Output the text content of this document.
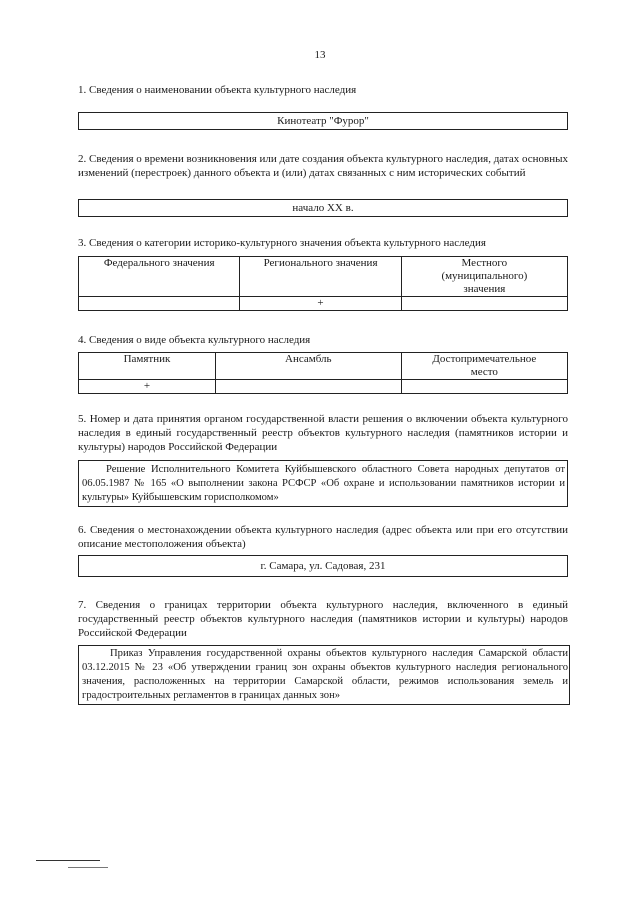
13
1. Сведения о наименовании объекта культурного наследия
Кинотеатр "Фурор"
2. Сведения о времени возникновения или дате создания объекта культурного наследия, датах основных изменений (перестроек) данного объекта и (или) датах связанных с ним исторических событий
начало XX в.
3. Сведения о категории историко-культурного значения объекта культурного наследия
Федерального значения	Регионального значения	Местного (муниципального) значения
	+	
4. Сведения о виде объекта культурного наследия
Памятник	Ансамбль	Достопримечательное место
+		
5. Номер и дата принятия органом государственной власти решения о включении объекта культурного наследия в единый государственный реестр объектов культурного наследия (памятников истории и культуры) народов Российской Федерации
Решение Исполнительного Комитета Куйбышевского областного Совета народных депутатов от 06.05.1987 № 165 «О выполнении закона РСФСР «Об охране и использовании памятников истории и культуры» Куйбышевским горисполкомом»
6. Сведения о местонахождении объекта культурного наследия (адрес объекта или при его отсутствии описание местоположения объекта)
г. Самара, ул. Садовая, 231
7. Сведения о границах территории объекта культурного наследия, включенного в единый государственный реестр объектов культурного наследия (памятников истории и культуры) народов Российской Федерации
Приказ Управления государственной охраны объектов культурного наследия Самарской области 03.12.2015 № 23 «Об утверждении границ зон охраны объектов культурного наследия регионального значения, расположенных на территории Самарской области, режимов использования земель и градостроительных регламентов в границах данных зон»
